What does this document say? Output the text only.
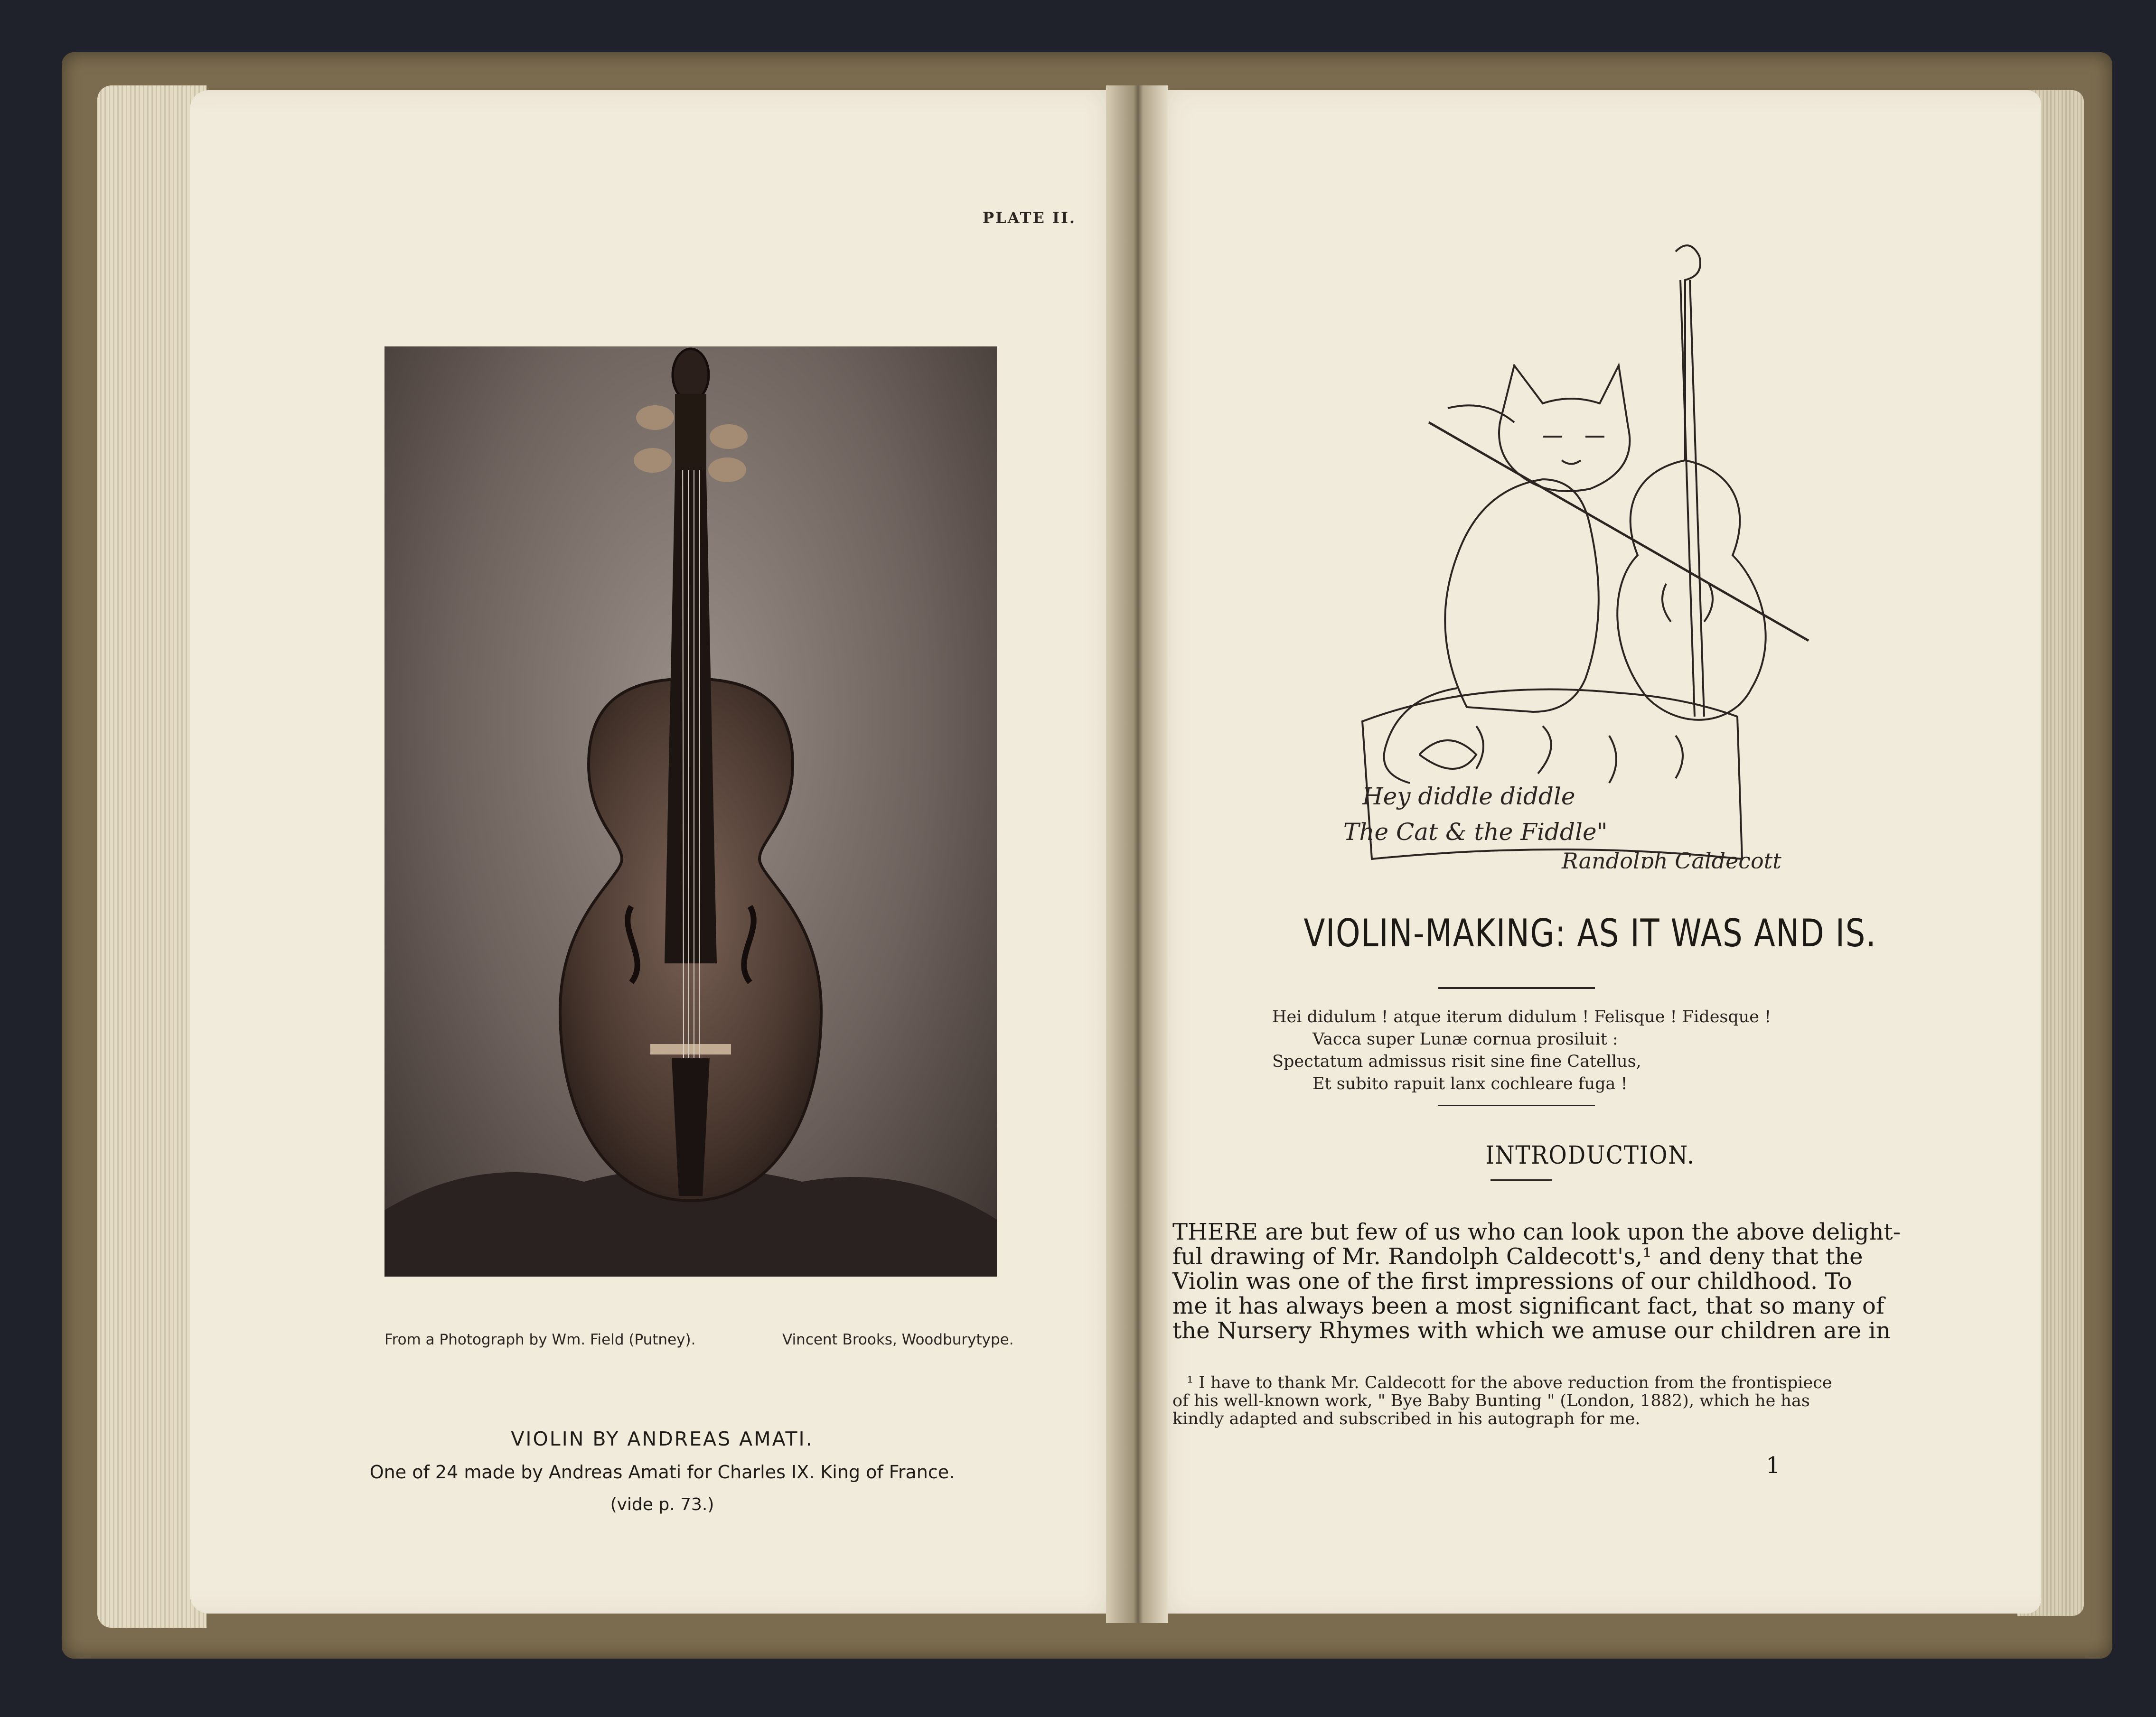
PLATE II.
From a Photograph by Wm. Field (Putney).	Vincent Brooks, Woodburytype.
VIOLIN BY ANDREAS AMATI.
One of 24 made by Andreas Amati for Charles IX. King of France.
(vide p. 73.)
Hey diddle diddle
The Cat & the Fiddle"
Randolph Caldecott
VIOLIN-MAKING: AS IT WAS AND IS.
Hei didulum ! atque iterum didulum ! Felisque ! Fidesque !
Vacca super Lunæ cornua prosiluit :
Spectatum admissus risit sine fine Catellus,
Et subito rapuit lanx cochleare fuga !
INTRODUCTION.
THERE are but few of us who can look upon the above delight-
ful drawing of Mr. Randolph Caldecott's,¹ and deny that the
Violin was one of the first impressions of our childhood. To
me it has always been a most significant fact, that so many of
the Nursery Rhymes with which we amuse our children are in
¹ I have to thank Mr. Caldecott for the above reduction from the frontispiece
of his well-known work, " Bye Baby Bunting " (London, 1882), which he has
kindly adapted and subscribed in his autograph for me.
1
